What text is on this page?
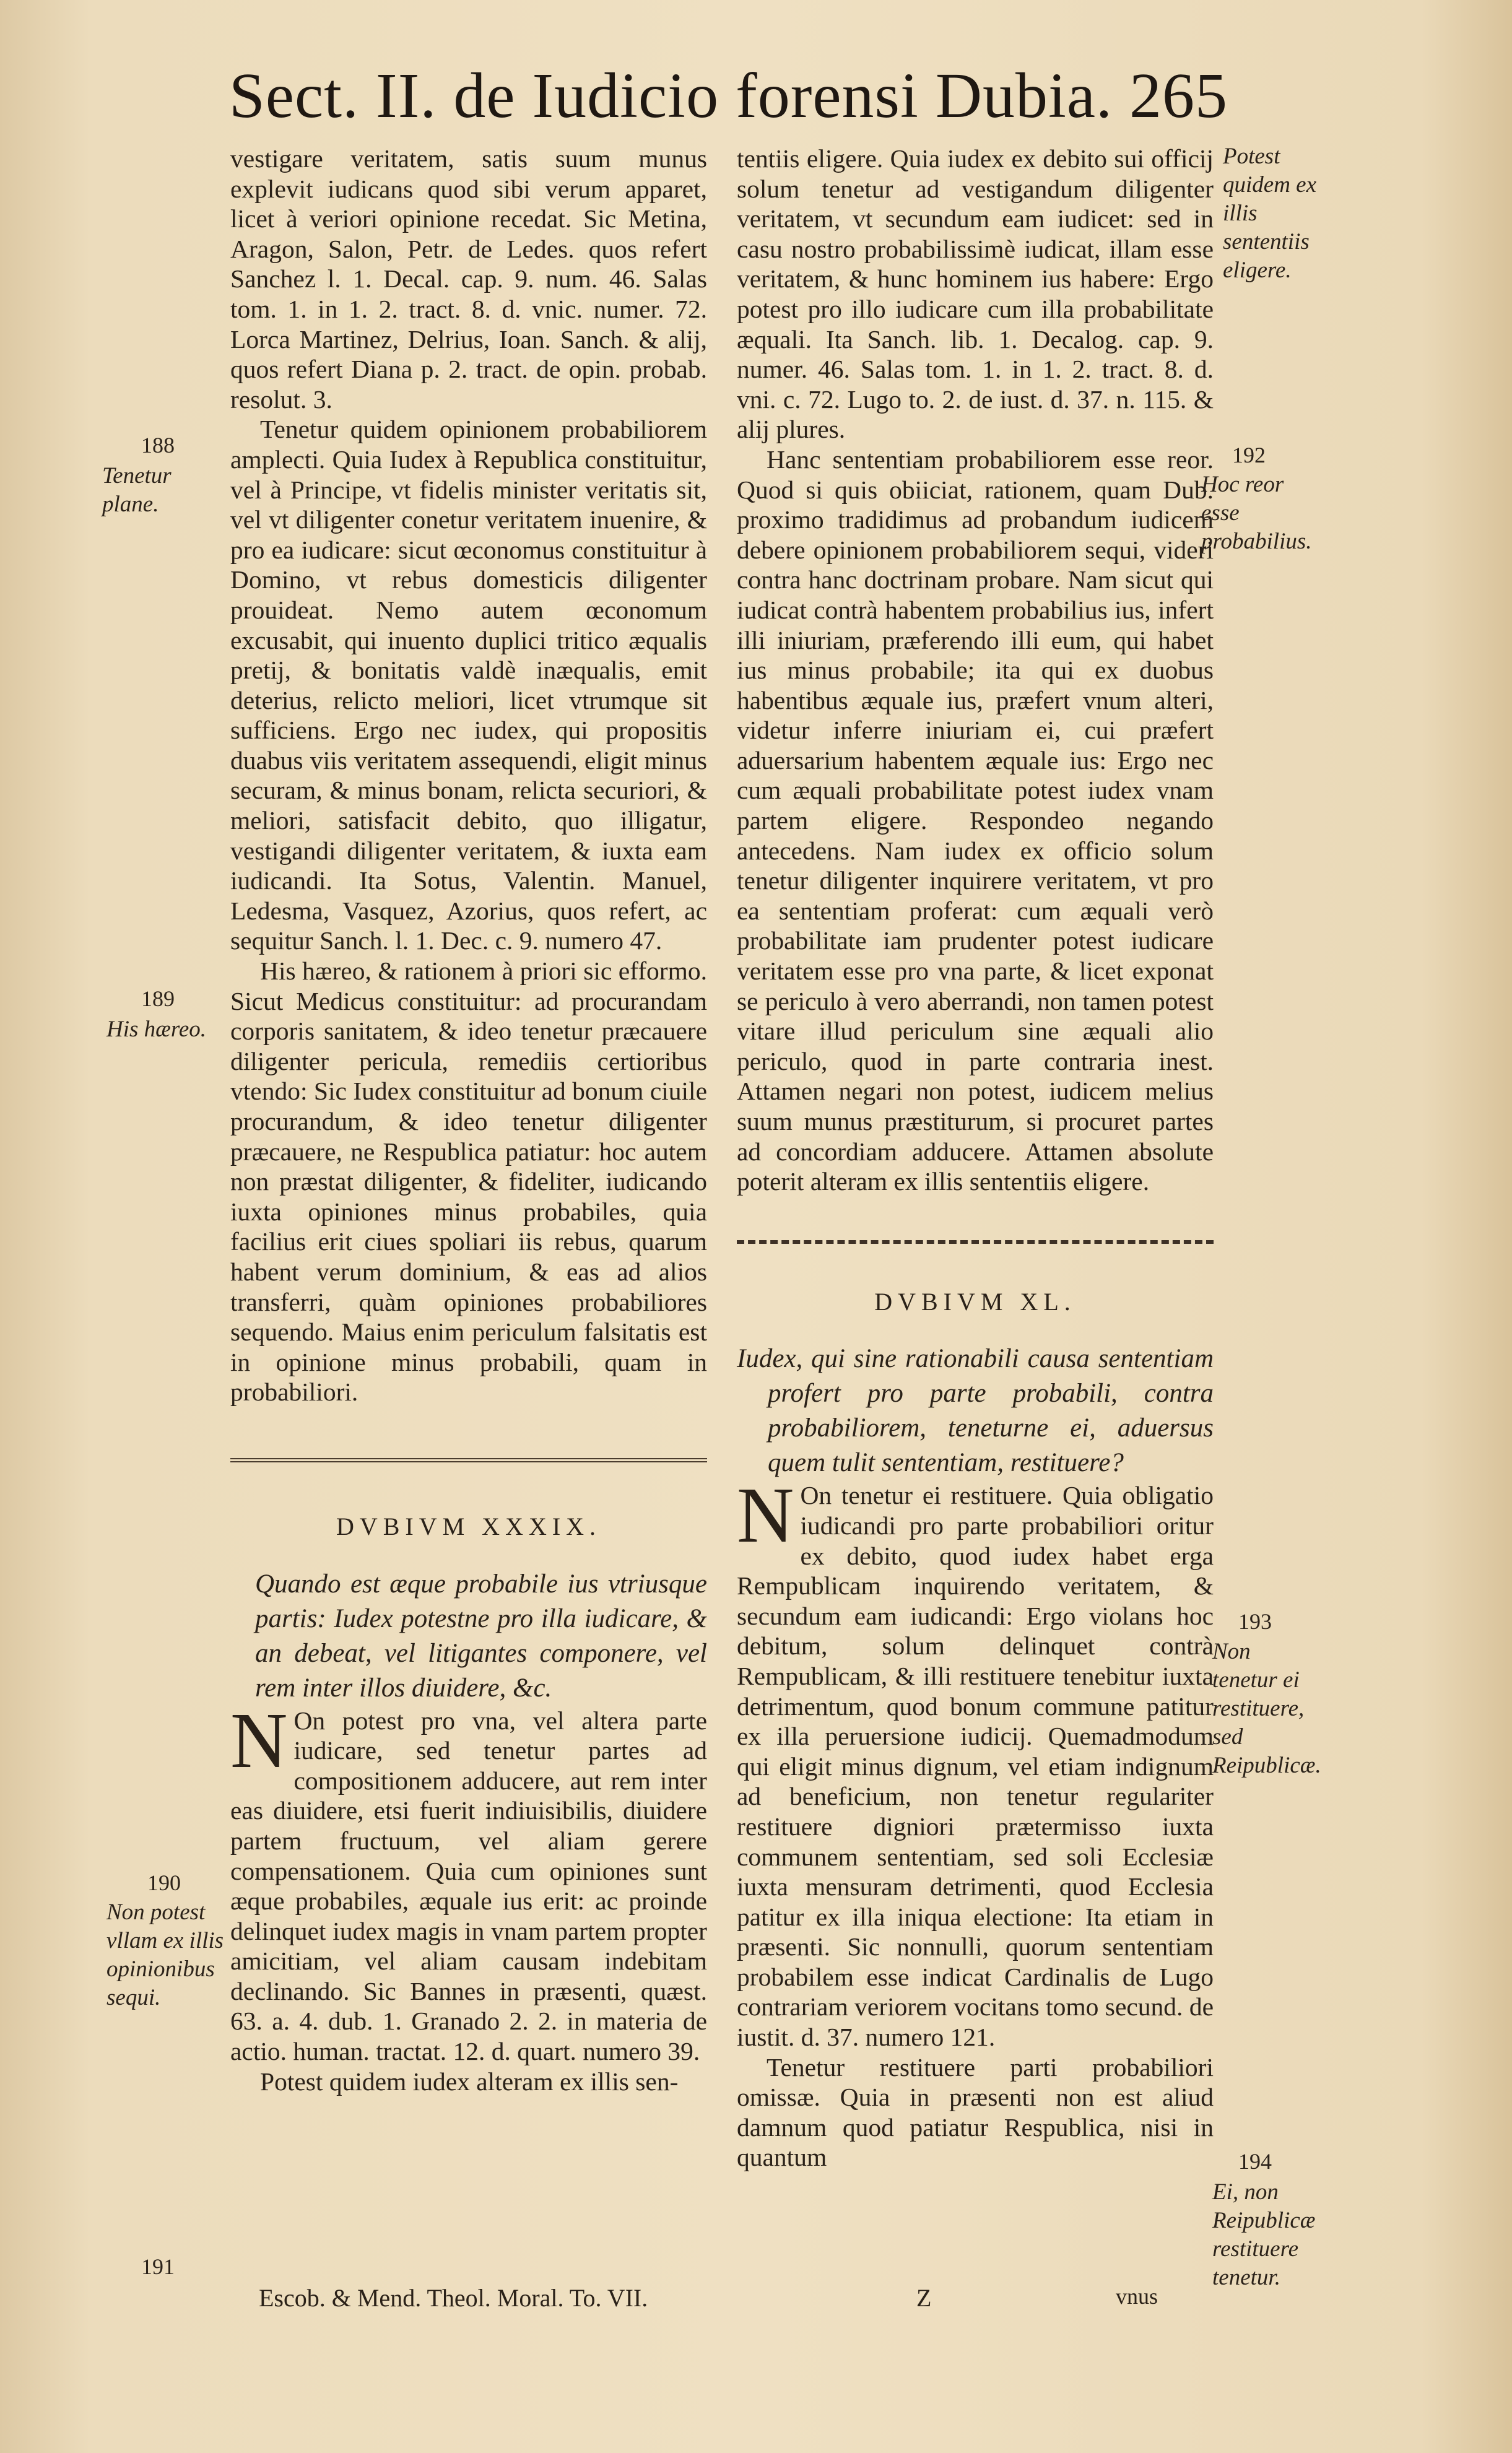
Sect. II. de Iudicio forensi Dubia. 265

vestigare veritatem, satis suum munus explevit iudicans quod sibi verum apparet, licet à veriori opinione recedat. Sic Metina, Aragon, Salon, Petr. de Ledes. quos refert Sanchez l. 1. Decal. cap. 9. num. 46. Salas tom. 1. in 1. 2. tract. 8. d. vnic. numer. 72. Lorca Martinez, Delrius, Ioan. Sanch. & alij, quos refert Diana p. 2. tract. de opin. probab. resolut. 3.

Tenetur quidem opinionem probabiliorem amplecti. Quia Iudex à Republica constituitur, vel à Principe, vt fidelis minister veritatis sit, vel vt diligenter conetur veritatem inuenire, & pro ea iudicare: sicut œconomus constituitur à Domino, vt rebus domesticis diligenter prouideat. Nemo autem œconomum excusabit, qui inuento duplici tritico æqualis pretij, & bonitatis valdè inæqualis, emit deterius, relicto meliori, licet vtrumque sit sufficiens. Ergo nec iudex, qui propositis duabus viis veritatem assequendi, eligit minus securam, & minus bonam, relicta securiori, & meliori, satisfacit debito, quo illigatur, vestigandi diligenter veritatem, & iuxta eam iudicandi. Ita Sotus, Valentin. Manuel, Ledesma, Vasquez, Azorius, quos refert, ac sequitur Sanch. l. 1. Dec. c. 9. numero 47.

His hæreo, & rationem à priori sic efformo. Sicut Medicus constituitur: ad procurandam corporis sanitatem, & ideo tenetur præcauere diligenter pericula, remediis certioribus vtendo: Sic Iudex constituitur ad bonum ciuile procurandum, & ideo tenetur diligenter præcauere, ne Respublica patiatur: hoc autem non præstat diligenter, & fideliter, iudicando iuxta opiniones minus probabiles, quia facilius erit ciues spoliari iis rebus, quarum habent verum dominium, & eas ad alios transferri, quàm opiniones probabiliores sequendo. Maius enim periculum falsitatis est in opinione minus probabili, quam in probabiliori.

DVBIVM XXXIX.

Quando est æque probabile ius vtriusque partis: Iudex potestne pro illa iudicare, & an debeat, vel litigantes componere, vel rem inter illos diuidere, &c.

N On potest pro vna, vel altera parte iudicare, sed tenetur partes ad compositionem adducere, aut rem inter eas diuidere, etsi fuerit indiuisibilis, diuidere partem fructuum, vel aliam gerere compensationem. Quia cum opiniones sunt æque probabiles, æquale ius erit: ac proinde delinquet iudex magis in vnam partem propter amicitiam, vel aliam causam indebitam declinando. Sic Bannes in præsenti, quæst. 63. a. 4. dub. 1. Granado 2. 2. in materia de actio. human. tractat. 12. d. quart. numero 39.

Potest quidem iudex alteram ex illis sen-

tentiis eligere. Quia iudex ex debito sui officij solum tenetur ad vestigandum diligenter veritatem, vt secundum eam iudicet: sed in casu nostro probabilissimè iudicat, illam esse veritatem, & hunc hominem ius habere: Ergo potest pro illo iudicare cum illa probabilitate æquali. Ita Sanch. lib. 1. Decalog. cap. 9. numer. 46. Salas tom. 1. in 1. 2. tract. 8. d. vni. c. 72. Lugo to. 2. de iust. d. 37. n. 115. & alij plures.

Hanc sententiam probabiliorem esse reor. Quod si quis obiiciat, rationem, quam Dub. proximo tradidimus ad probandum iudicem debere opinionem probabiliorem sequi, videri contra hanc doctrinam probare. Nam sicut qui iudicat contrà habentem probabilius ius, infert illi iniuriam, præferendo illi eum, qui habet ius minus probabile; ita qui ex duobus habentibus æquale ius, præfert vnum alteri, videtur inferre iniuriam ei, cui præfert aduersarium habentem æquale ius: Ergo nec cum æquali probabilitate potest iudex vnam partem eligere. Respondeo negando antecedens. Nam iudex ex officio solum tenetur diligenter inquirere veritatem, vt pro ea sententiam proferat: cum æquali verò probabilitate iam prudenter potest iudicare veritatem esse pro vna parte, & licet exponat se periculo à vero aberrandi, non tamen potest vitare illud periculum sine æquali alio periculo, quod in parte contraria inest. Attamen negari non potest, iudicem melius suum munus præstiturum, si procuret partes ad concordiam adducere. Attamen absolute poterit alteram ex illis sententiis eligere.

DVBIVM XL.

Iudex, qui sine rationabili causa sententiam profert pro parte probabili, contra probabiliorem, teneturne ei, aduersus quem tulit sententiam, restituere?

N On tenetur ei restituere. Quia obligatio iudicandi pro parte probabiliori oritur ex debito, quod iudex habet erga Rempublicam inquirendo veritatem, & secundum eam iudicandi: Ergo violans hoc debitum, solum delinquet contrà Rempublicam, & illi restituere tenebitur iuxta detrimentum, quod bonum commune patitur ex illa peruersione iudicij. Quemadmodum qui eligit minus dignum, vel etiam indignum ad beneficium, non tenetur regulariter restituere digniori prætermisso iuxta communem sententiam, sed soli Ecclesiæ iuxta mensuram detrimenti, quod Ecclesia patitur ex illa iniqua electione: Ita etiam in præsenti. Sic nonnulli, quorum sententiam probabilem esse indicat Cardinalis de Lugo contrariam veriorem vocitans tomo secund. de iustit. d. 37. numero 121.

Tenetur restituere parti probabiliori omissæ. Quia in præsenti non est aliud damnum quod patiatur Respublica, nisi in quantum

188
Tenetur plane.
189
His hæreo.
190
Non potest vllam ex illis opinionibus sequi.
191
Potest quidem ex illis sententiis eligere.
192
Hoc reor esse probabilius.
193
Non tenetur ei restituere, sed Reipublicæ.
194
Ei, non Reipublicæ restituere tenetur.
Escob. & Mend. Theol. Moral. To. VII.	Z	vnus
